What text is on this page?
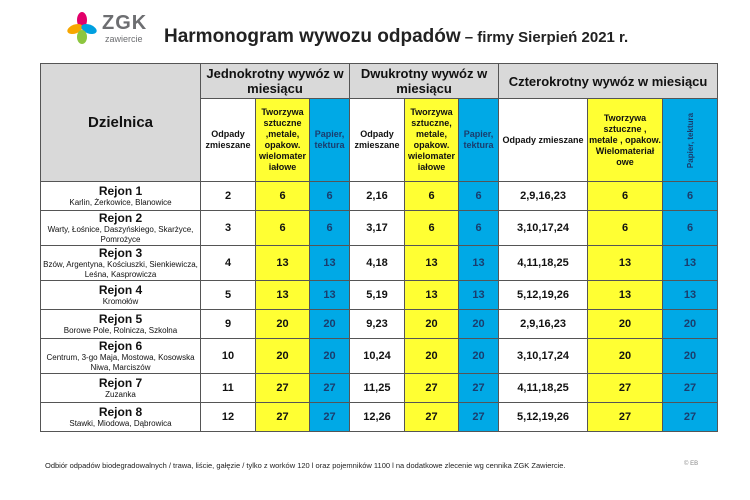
ZGK
zawiercie Harmonogram wywozu odpadów – firmy Sierpień 2021 r.
Dzielnica	Jednokrotny wywóz w miesiącu			Dwukrotny wywóz w miesiącu			Czterokrotny wywóz w miesiącu		
	Odpady zmieszane	Tworzywa sztuczne ,metale, opakow. wielomater iałowe	Papier, tektura	Odpady zmieszane	Tworzywa sztuczne, metale, opakow. wielomater iałowe	Papier, tektura	Odpady zmieszane	Tworzywa sztuczne , metale , opakow. Wielomateriał owe	Papier, tektura

Rejon 1
Karlin, Żerkowice, Blanowice	2	6	6	2,16	6	6	2,9,16,23	6	6

Rejon 2
Warty, Łośnice, Daszyńskiego, Skarżyce, Pomrożyce	3	6	6	3,17	6	6	3,10,17,24	6	6

Rejon 3
Bzów, Argentyna, Kościuszki, Sienkiewicza, Leśna, Kasprowicza	4	13	13	4,18	13	13	4,11,18,25	13	13

Rejon 4
Kromołów	5	13	13	5,19	13	13	5,12,19,26	13	13

Rejon 5
Borowe Pole, Rolnicza, Szkolna	9	20	20	9,23	20	20	2,9,16,23	20	20

Rejon 6
Centrum, 3-go Maja, Mostowa, Kosowska Niwa, Marciszów	10	20	20	10,24	20	20	3,10,17,24	20	20

Rejon 7
Zuzanka	11	27	27	11,25	27	27	4,11,18,25	27	27

Rejon 8
Stawki, Miodowa, Dąbrowica	12	27	27	12,26	27	27	5,12,19,26	27	27
Odbiór odpadów biodegradowalnych / trawa, liście, gałęzie / tylko z worków 120 l oraz pojemników 1100 l na dodatkowe zlecenie wg cennika ZGK Zawiercie.	© EB
